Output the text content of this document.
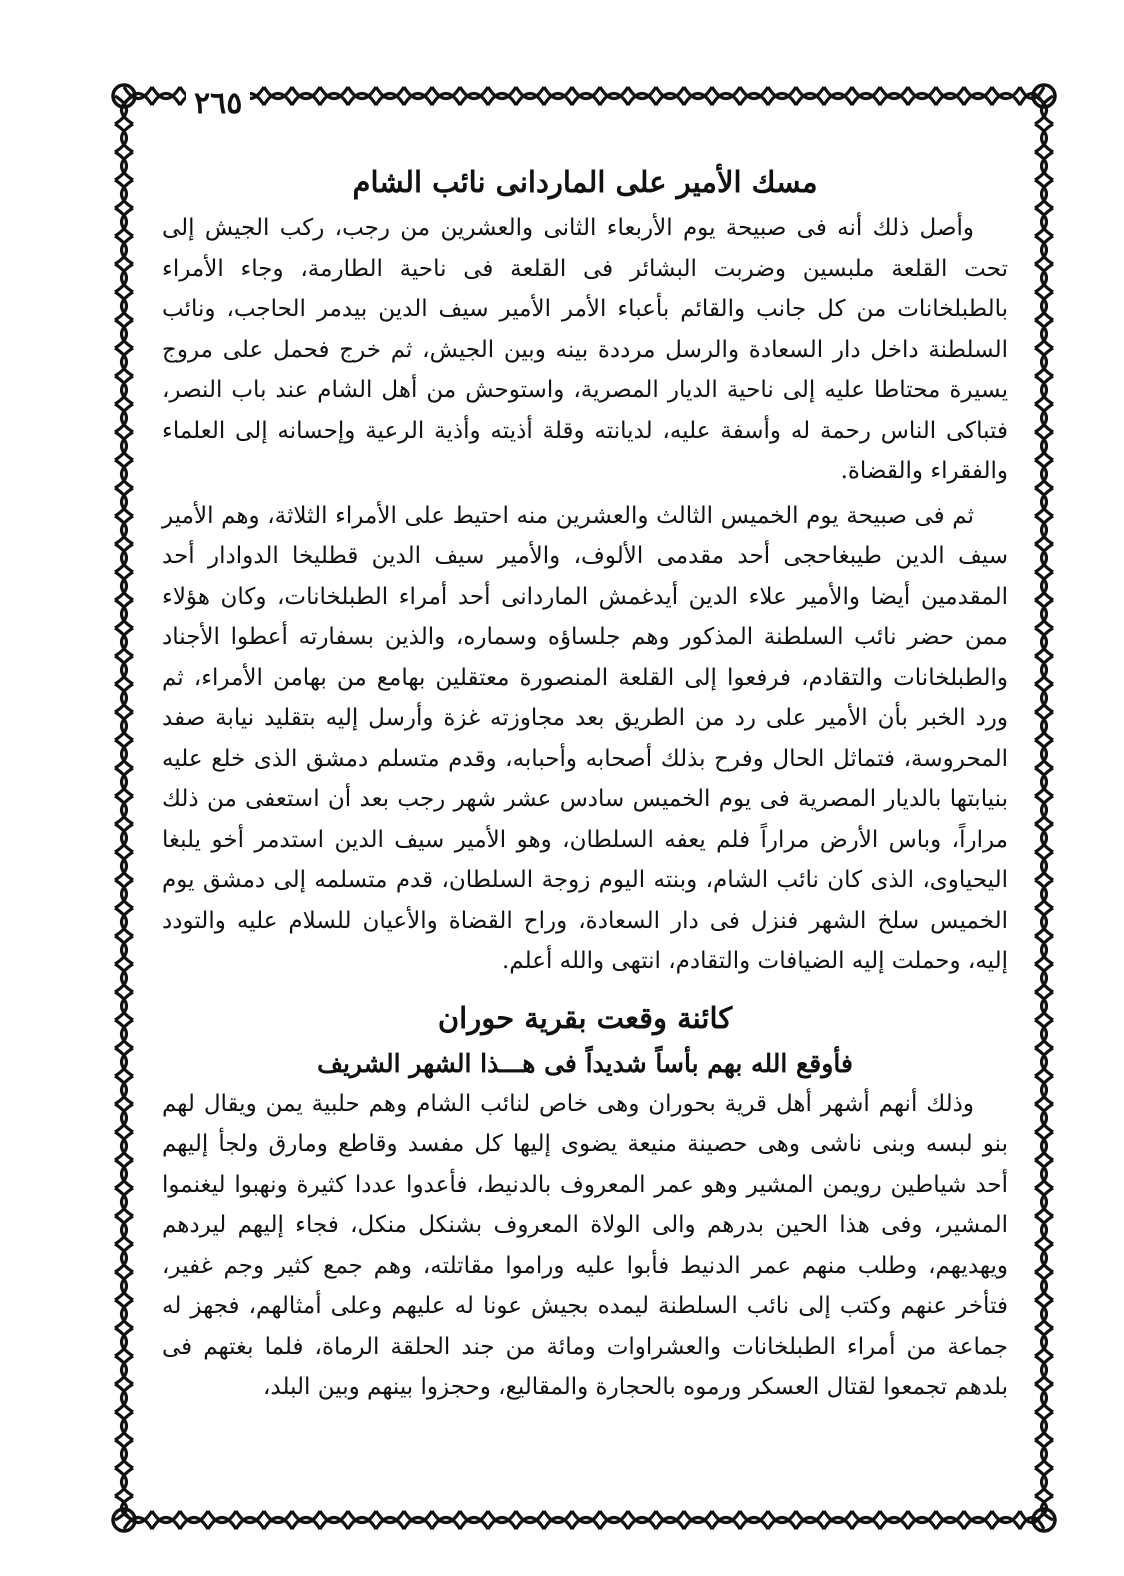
٢٦٥
مسك الأمير على الماردانى نائب الشام

وأصل ذلك أنه فى صبيحة يوم الأربعاء الثانى والعشرين من رجب، ركب الجيش إلى تحت القلعة ملبسين وضربت البشائر فى القلعة فى ناحية الطارمة، وجاء الأمراء بالطبلخانات من كل جانب والقائم بأعباء الأمر الأمير سيف الدين بيدمر الحاجب، ونائب السلطنة داخل دار السعادة والرسل مرددة بينه وبين الجيش، ثم خرج فحمل على مروج يسيرة محتاطا عليه إلى ناحية الديار المصرية، واستوحش من أهل الشام عند باب النصر، فتباكى الناس رحمة له وأسفة عليه، لديانته وقلة أذيته وأذية الرعية وإحسانه إلى العلماء والفقراء والقضاة.

ثم فى صبيحة يوم الخميس الثالث والعشرين منه احتيط على الأمراء الثلاثة، وهم الأمير سيف الدين طيبغاحجى أحد مقدمى الألوف، والأمير سيف الدين قطليخا الدوادار أحد المقدمين أيضا والأمير علاء الدين أيدغمش الماردانى أحد أمراء الطبلخانات، وكان هؤلاء ممن حضر نائب السلطنة المذكور وهم جلساؤه وسماره، والذين بسفارته أعطوا الأجناد والطبلخانات والتقادم، فرفعوا إلى القلعة المنصورة معتقلين بهامع من بهامن الأمراء، ثم ورد الخبر بأن الأمير على رد من الطريق بعد مجاوزته غزة وأرسل إليه بتقليد نيابة صفد المحروسة، فتماثل الحال وفرح بذلك أصحابه وأحبابه، وقدم متسلم دمشق الذى خلع عليه بنيابتها بالديار المصرية فى يوم الخميس سادس عشر شهر رجب بعد أن استعفى من ذلك مراراً، وباس الأرض مراراً فلم يعفه السلطان، وهو الأمير سيف الدين استدمر أخو يلبغا اليحياوى، الذى كان نائب الشام، وبنته اليوم زوجة السلطان، قدم متسلمه إلى دمشق يوم الخميس سلخ الشهر فنزل فى دار السعادة، وراح القضاة والأعيان للسلام عليه والتودد إليه، وحملت إليه الضيافات والتقادم، انتهى والله أعلم.

كائنة وقعت بقرية حوران
فأوقع الله بهم بأساً شديداً فى هـــذا الشهر الشريف

وذلك أنهم أشهر أهل قرية بحوران وهى خاص لنائب الشام وهم حلبية يمن ويقال لهم بنو لبسه وبنى ناشى وهى حصينة منيعة يضوى إليها كل مفسد وقاطع ومارق ولجأ إليهم أحد شياطين رويمن المشير وهو عمر المعروف بالدنيط، فأعدوا عددا كثيرة ونهبوا ليغنموا المشير، وفى هذا الحين بدرهم والى الولاة المعروف بشنكل منكل، فجاء إليهم ليردهم ويهديهم، وطلب منهم عمر الدنيط فأبوا عليه وراموا مقاتلته، وهم جمع كثير وجم غفير، فتأخر عنهم وكتب إلى نائب السلطنة ليمده بجيش عونا له عليهم وعلى أمثالهم، فجهز له جماعة من أمراء الطبلخانات والعشراوات ومائة من جند الحلقة الرماة، فلما بغتهم فى بلدهم تجمعوا لقتال العسكر ورموه بالحجارة والمقاليع، وحجزوا بينهم وبين البلد،
